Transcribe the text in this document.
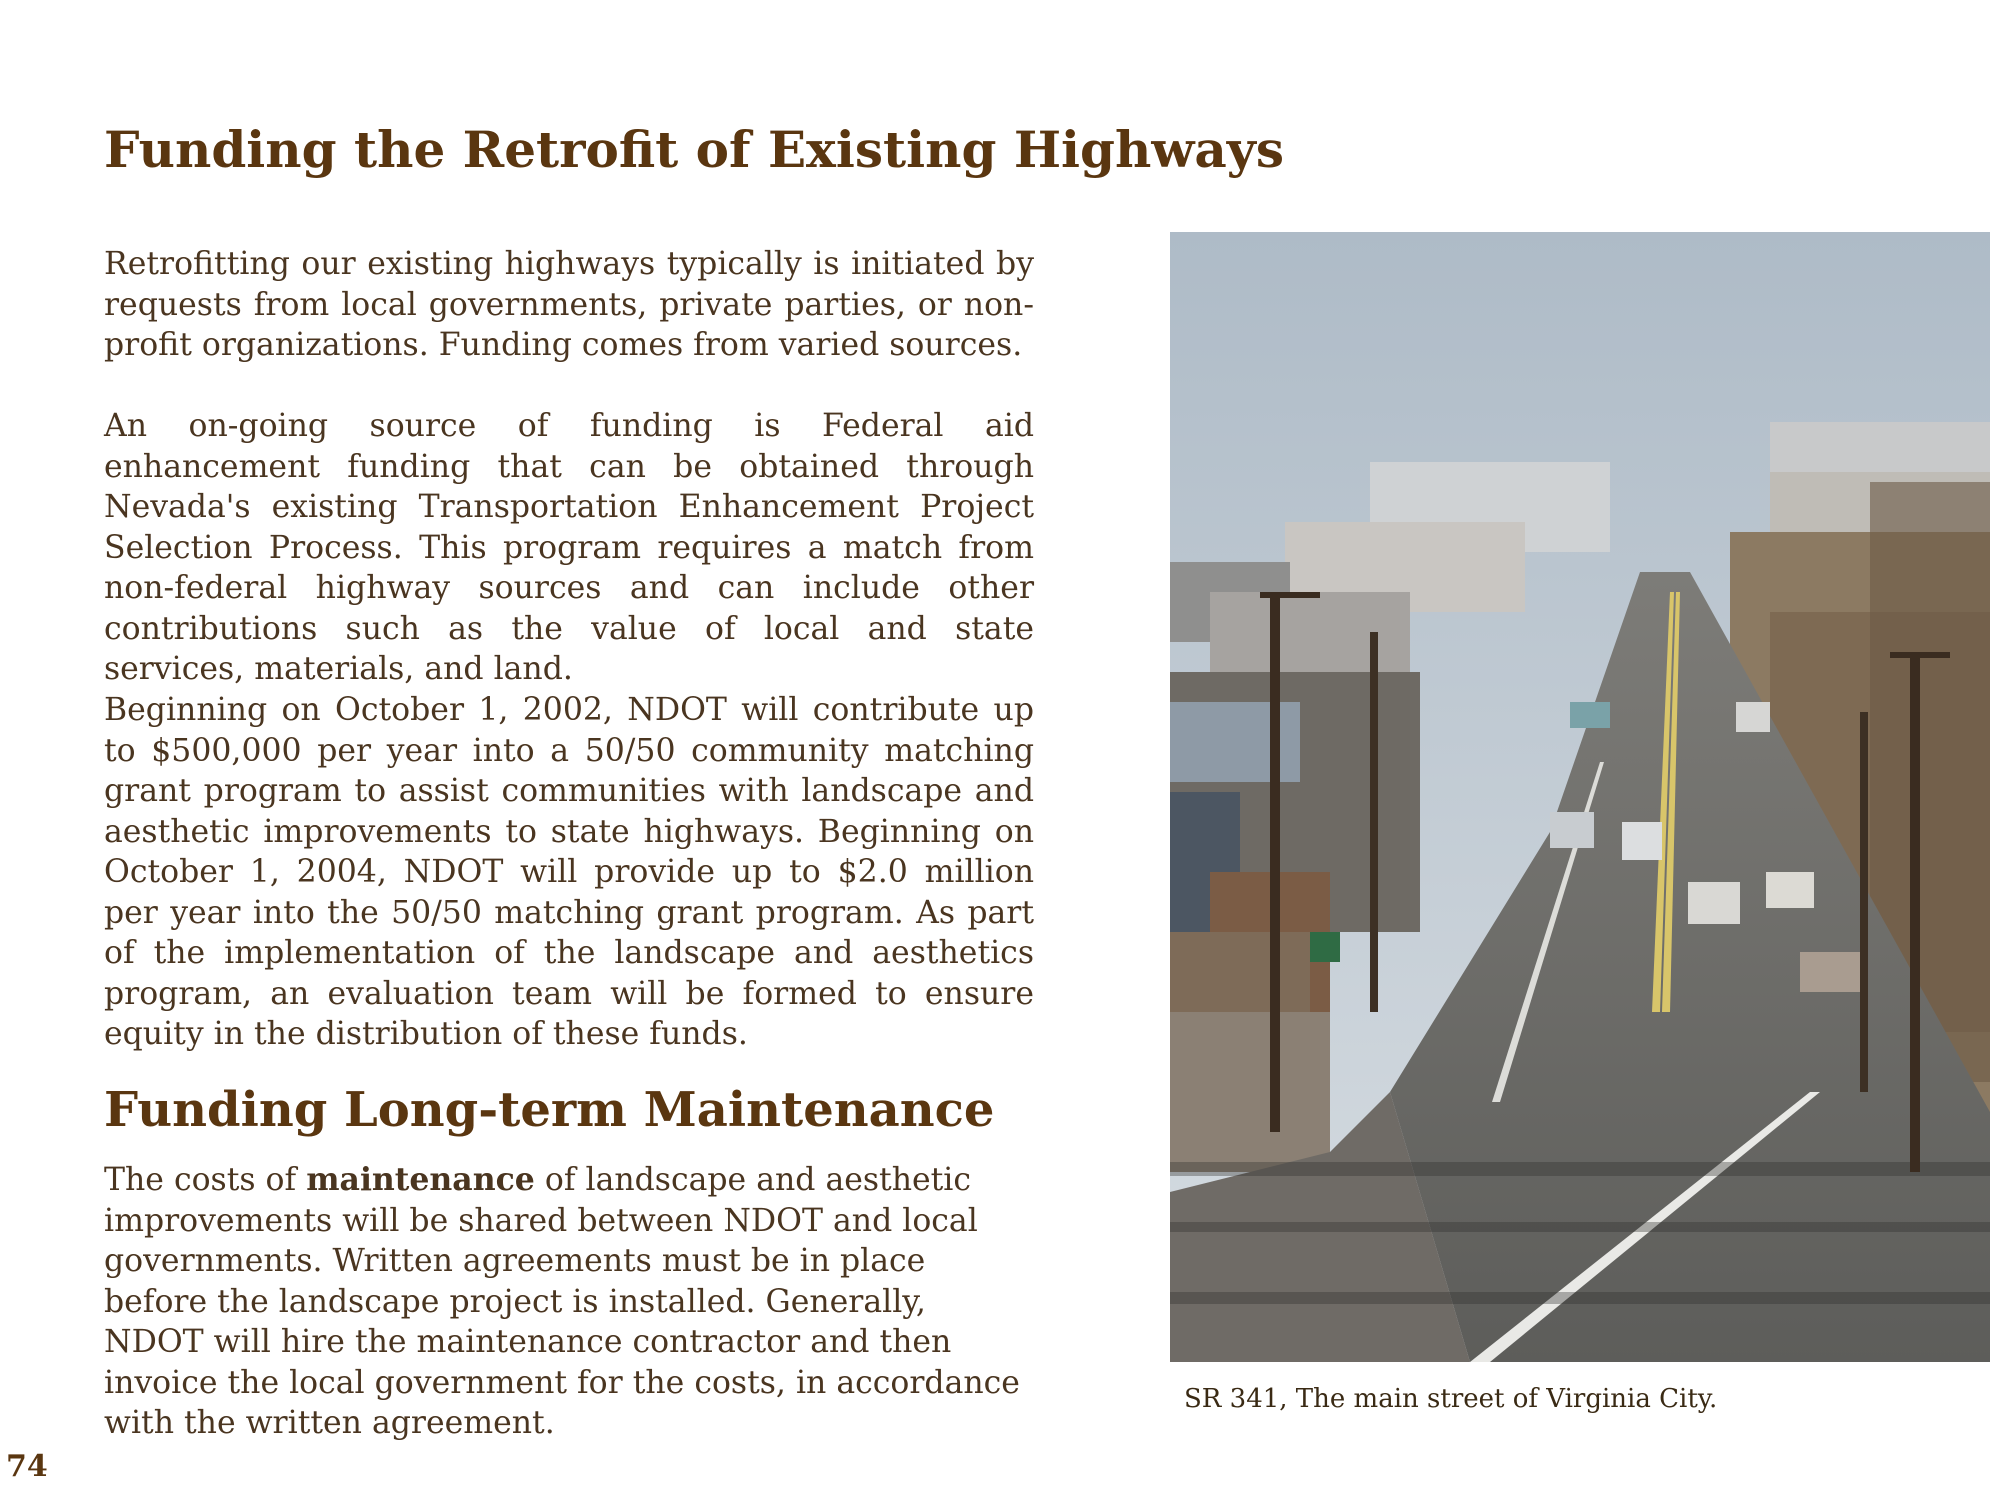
Funding the Retrofit of Existing Highways

Retrofitting our existing highways typically is initiated by requests from local governments, private parties, or non-profit organizations. Funding comes from varied sources.

An on-going source of funding is Federal aid enhancement funding that can be obtained through Nevada's existing Transportation Enhancement Project Selection Process. This program requires a match from non-federal highway sources and can include other contributions such as the value of local and state services, materials, and land.

Beginning on October 1, 2002, NDOT will contribute up to $500,000 per year into a 50/50 community matching grant program to assist communities with landscape and aesthetic improvements to state highways. Beginning on October 1, 2004, NDOT will provide up to $2.0 million per year into the 50/50 matching grant program. As part of the implementation of the landscape and aesthetics program, an evaluation team will be formed to ensure equity in the distribution of these funds.

Funding Long-term Maintenance

The costs of maintenance of landscape and aesthetic improvements will be shared between NDOT and local governments. Written agreements must be in place before the landscape project is installed. Generally, NDOT will hire the maintenance contractor and then invoice the local government for the costs, in accordance with the written agreement.

SR 341, The main street of Virginia City.
74
